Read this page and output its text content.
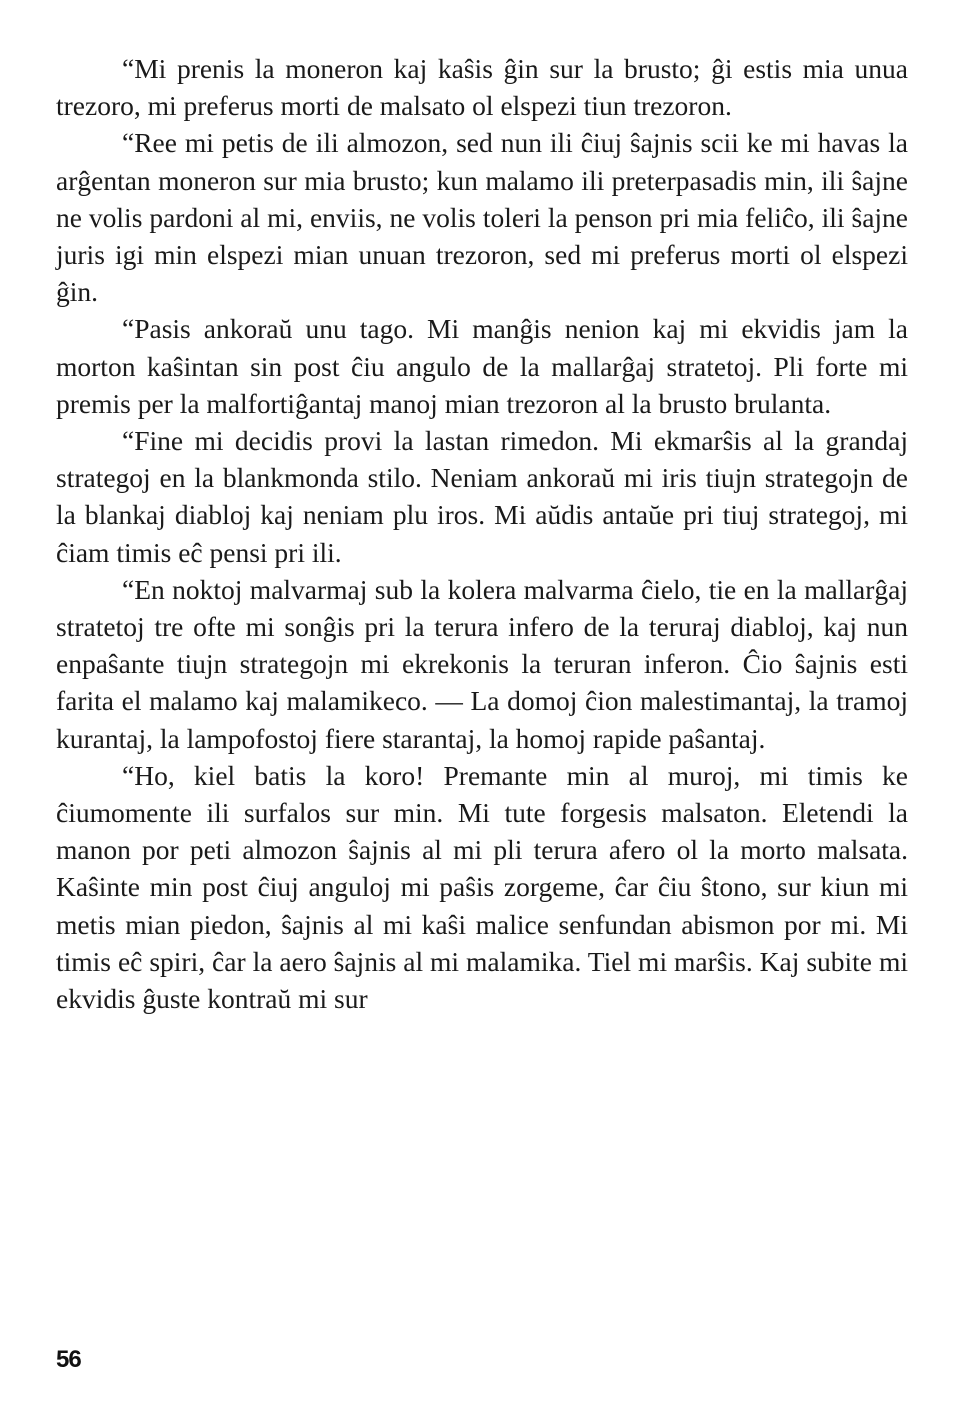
“Mi prenis la moneron kaj kaŝis ĝin sur la brusto; ĝi estis mia unua trezoro, mi preferus morti de malsato ol elspezi tiun trezoron.

“Ree mi petis de ili almozon, sed nun ili ĉiuj ŝajnis scii ke mi havas la arĝentan moneron sur mia brusto; kun malamo ili preterpasadis min, ili ŝajne ne volis pardoni al mi, enviis, ne volis toleri la penson pri mia feliĉo, ili ŝajne juris igi min elspezi mian unuan trezoron, sed mi preferus morti ol elspezi ĝin.

“Pasis ankoraŭ unu tago. Mi manĝis nenion kaj mi ekvidis jam la morton kaŝintan sin post ĉiu angulo de la mallarĝaj stratetoj. Pli forte mi premis per la malfortiĝantaj manoj mian trezoron al la brusto brulanta.

“Fine mi decidis provi la lastan rimedon. Mi ekmarŝis al la grandaj strategoj en la blankmonda stilo. Neniam ankoraŭ mi iris tiujn strategojn de la blankaj diabloj kaj neniam plu iros. Mi aŭdis antaŭe pri tiuj strategoj, mi ĉiam timis eĉ pensi pri ili.

“En noktoj malvarmaj sub la kolera malvarma ĉielo, tie en la mallarĝaj stratetoj tre ofte mi sonĝis pri la terura infero de la teruraj diabloj, kaj nun enpaŝante tiujn strategojn mi ekrekonis la teruran inferon. Ĉio ŝajnis esti farita el malamo kaj malamikeco. — La domoj ĉion malestimantaj, la tramoj kurantaj, la lampofostoj fiere starantaj, la homoj rapide paŝantaj.

“Ho, kiel batis la koro! Premante min al muroj, mi timis ke ĉiumomente ili surfalos sur min. Mi tute forgesis malsaton. Eletendi la manon por peti almozon ŝajnis al mi pli terura afero ol la morto malsata. Kaŝinte min post ĉiuj anguloj mi paŝis zorgeme, ĉar ĉiu ŝtono, sur kiun mi metis mian piedon, ŝajnis al mi kaŝi malice senfundan abismon por mi. Mi timis eĉ spiri, ĉar la aero ŝajnis al mi malamika. Tiel mi marŝis. Kaj subite mi ekvidis ĝuste kontraŭ mi sur

56
